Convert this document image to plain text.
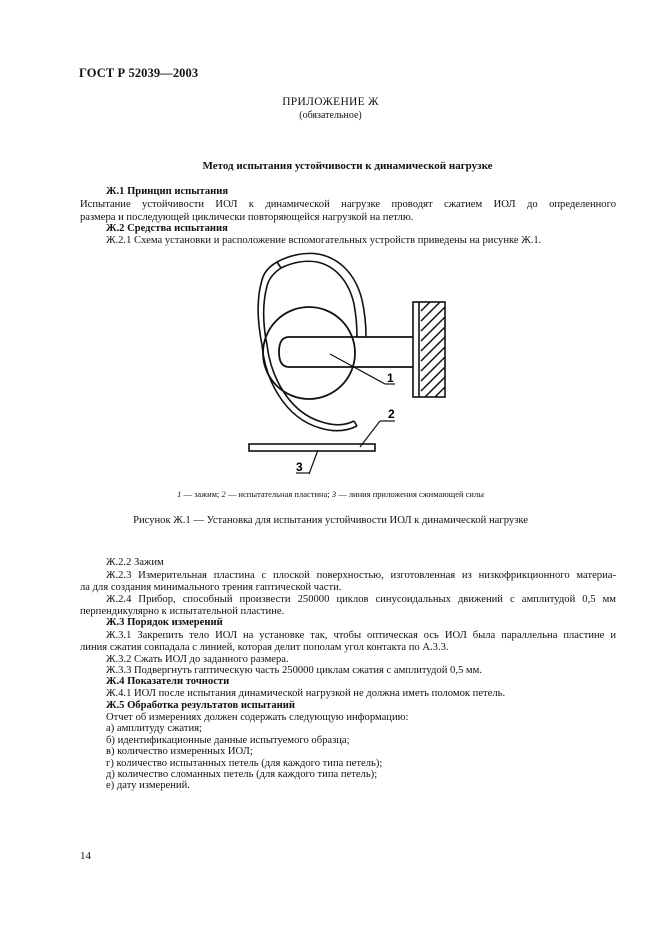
ГОСТ Р 52039—2003
ПРИЛОЖЕНИЕ Ж
(обязательное)
Метод испытания устойчивости к динамической нагрузке
Ж.1 Принцип испытания
Испытание устойчивости ИОЛ к динамической нагрузке проводят сжатием ИОЛ до определенного
размера и последующей циклически повторяющейся нагрузкой на петлю.
Ж.2 Средства испытания
Ж.2.1 Схема установки и расположение вспомогательных устройств приведены на рисунке Ж.1.
1
2
3
1 — зажим; 2 — испытательная пластина; 3 — линия приложения сжимающей силы
Рисунок Ж.1 — Установка для испытания устойчивости ИОЛ к динамической нагрузке
Ж.2.2 Зажим
Ж.2.3 Измерительная пластина с плоской поверхностью, изготовленная из низкофрикционного материа-
ла для создания минимального трения гаптической части.
Ж.2.4 Прибор, способный произвести 250000 циклов синусоидальных движений с амплитудой 0,5 мм
перпендикулярно к испытательной пластине.
Ж.3 Порядок измерений
Ж.3.1 Закрепить тело ИОЛ на установке так, чтобы оптическая ось ИОЛ была параллельна пластине и
линия сжатия совпадала с линией, которая делит пополам угол контакта по А.3.3.
Ж.3.2 Сжать ИОЛ до заданного размера.
Ж.3.3 Подвергнуть гаптическую часть 250000 циклам сжатия с амплитудой 0,5 мм.
Ж.4 Показатели точности
Ж.4.1 ИОЛ после испытания динамической нагрузкой не должна иметь поломок петель.
Ж.5 Обработка результатов испытаний
Отчет об измерениях должен содержать следующую информацию:
а) амплитуду сжатия;
б) идентификационные данные испытуемого образца;
в) количество измеренных ИОЛ;
г) количество испытанных петель (для каждого типа петель);
д) количество сломанных петель (для каждого типа петель);
е) дату измерений.
14
